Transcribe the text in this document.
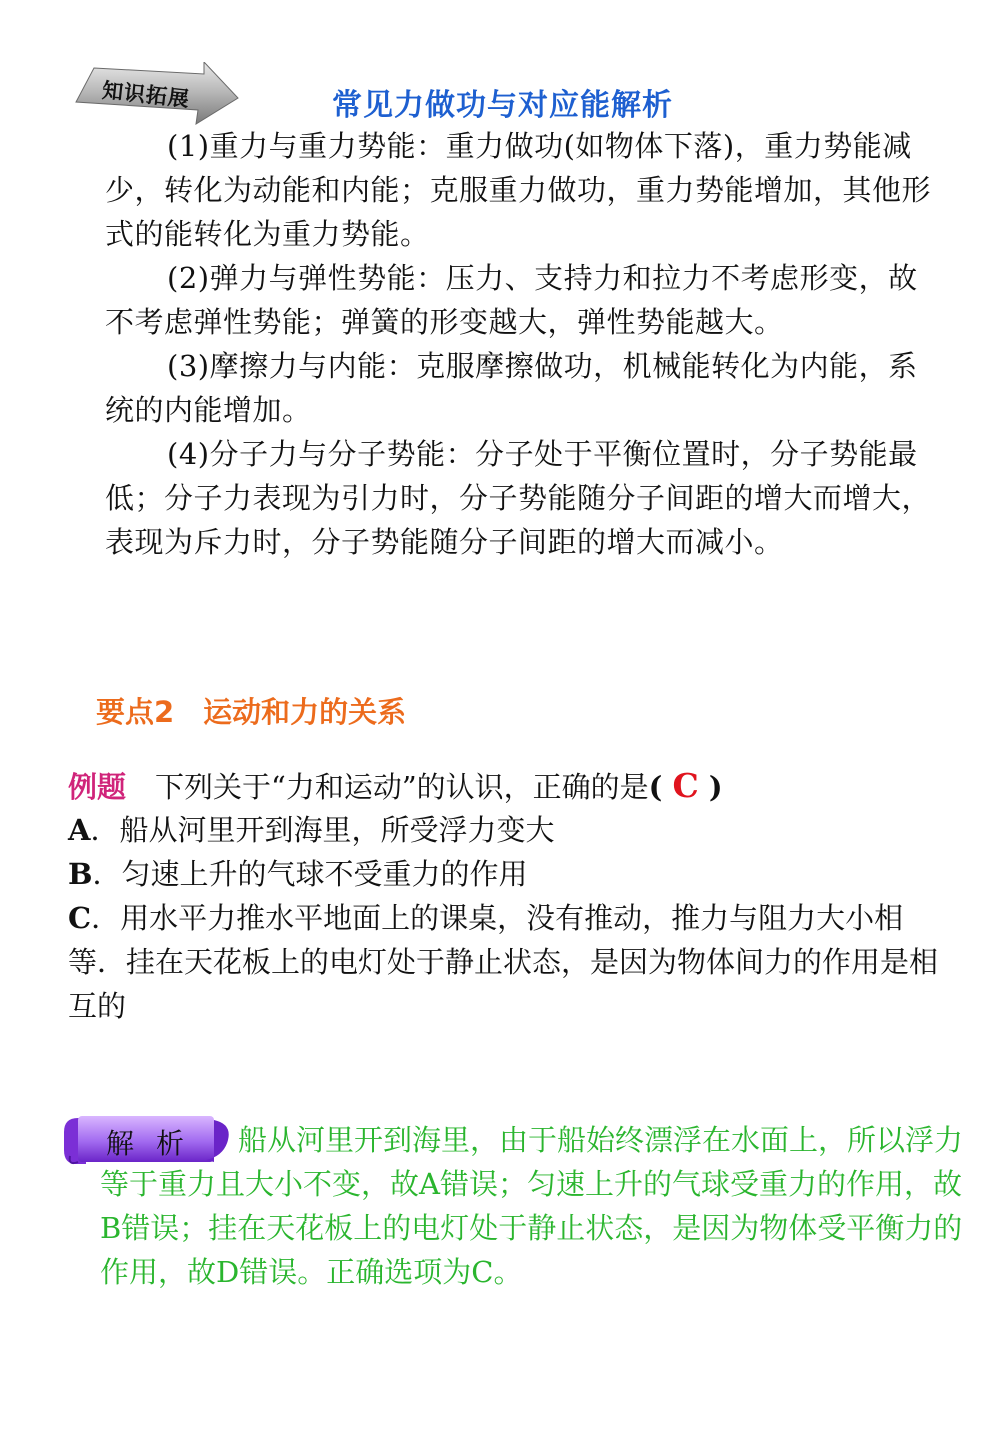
知识拓展	常见力做功与对应能解析

(1)重力与重力势能：重力做功(如物体下落)，重力势能减少，转化为动能和内能；克服重力做功，重力势能增加，其他形式的能转化为重力势能。

(2)弹力与弹性势能：压力、支持力和拉力不考虑形变，故不考虑弹性势能；弹簧的形变越大，弹性势能越大。

(3)摩擦力与内能：克服摩擦做功，机械能转化为内能，系统的内能增加。

(4)分子力与分子势能：分子处于平衡位置时，分子势能最低；分子力表现为引力时，分子势能随分子间距的增大而增大，表现为斥力时，分子势能随分子间距的增大而减小。

要点2　运动和力的关系

例题　下列关于“力和运动”的认识，正确的是( C )

A．船从河里开到海里，所受浮力变大

B．匀速上升的气球不受重力的作用

C．用水平力推水平地面上的课桌，没有推动，推力与阻力大小相等．挂在天花板上的电灯处于静止状态，是因为物体间力的作用是相互的

解析	船从河里开到海里，由于船始终漂浮在水面上，所以浮力等于重力且大小不变，故A错误；匀速上升的气球受重力的作用，故B错误；挂在天花板上的电灯处于静止状态，是因为物体受平衡力的作用，故D错误。正确选项为C。
